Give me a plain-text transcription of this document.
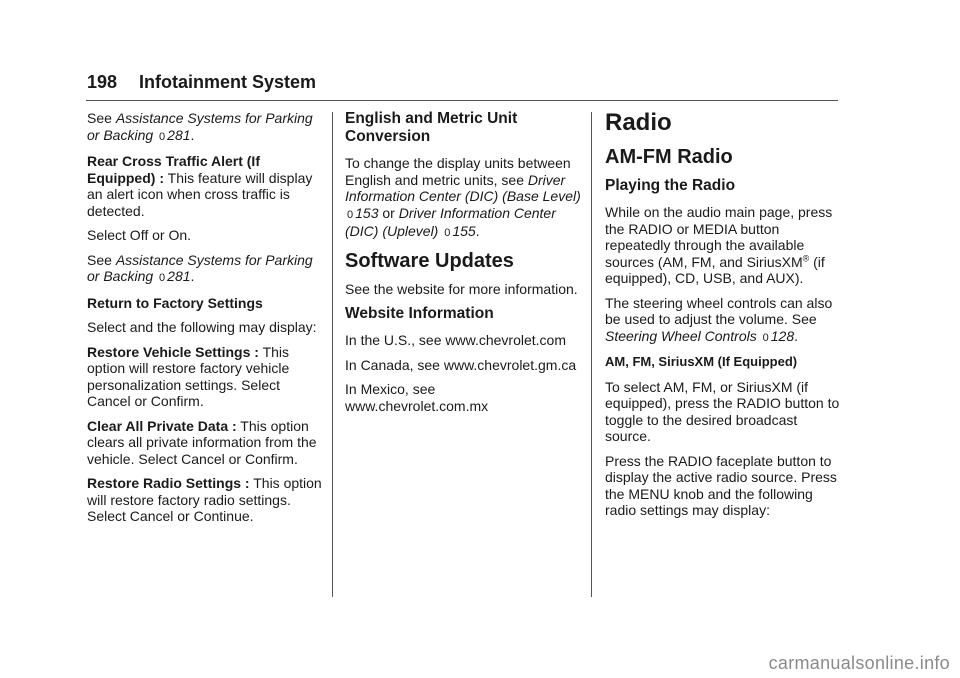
198 Infotainment System

See Assistance Systems for Parking or Backing 0 281.

Rear Cross Traffic Alert (If Equipped) : This feature will display an alert icon when cross traffic is detected.

Select Off or On.

See Assistance Systems for Parking or Backing 0 281.

Return to Factory Settings

Select and the following may display:

Restore Vehicle Settings : This option will restore factory vehicle personalization settings. Select Cancel or Confirm.

Clear All Private Data : This option clears all private information from the vehicle. Select Cancel or Confirm.

Restore Radio Settings : This option will restore factory radio settings. Select Cancel or Continue.

English and Metric Unit Conversion

To change the display units between English and metric units, see Driver Information Center (DIC) (Base Level) 0 153 or Driver Information Center (DIC) (Uplevel) 0 155.

Software Updates

See the website for more information.

Website Information

In the U.S., see www.chevrolet.com

In Canada, see www.chevrolet.gm.ca

In Mexico, see www.chevrolet.com.mx

Radio
AM-FM Radio
Playing the Radio

While on the audio main page, press the RADIO or MEDIA button repeatedly through the available sources (AM, FM, and SiriusXM® (if equipped), CD, USB, and AUX).

The steering wheel controls can also be used to adjust the volume. See Steering Wheel Controls 0 128.

AM, FM, SiriusXM (If Equipped)

To select AM, FM, or SiriusXM (if equipped), press the RADIO button to toggle to the desired broadcast source.

Press the RADIO faceplate button to display the active radio source. Press the MENU knob and the following radio settings may display:

carmanualsonline.info
